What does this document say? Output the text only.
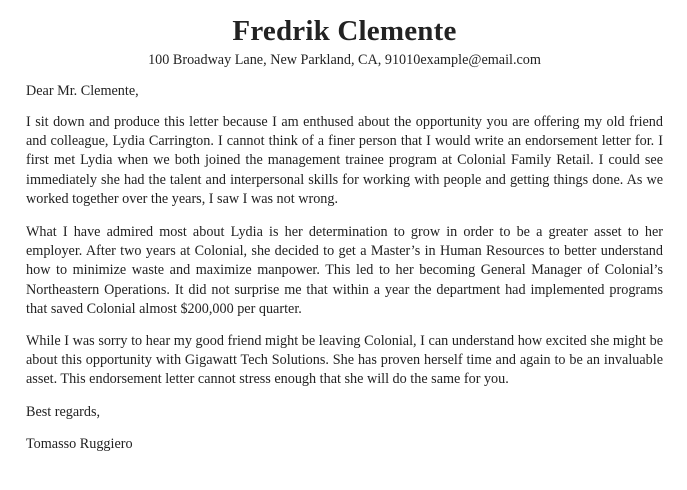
Fredrik Clemente
100 Broadway Lane, New Parkland, CA, 91010example@email.com
Dear Mr. Clemente,

I sit down and produce this letter because I am enthused about the opportunity you are offering my old friend and colleague, Lydia Carrington. I cannot think of a finer person that I would write an endorsement letter for. I first met Lydia when we both joined the management trainee program at Colonial Family Retail. I could see immediately she had the talent and interpersonal skills for working with people and getting things done. As we worked together over the years, I saw I was not wrong.

What I have admired most about Lydia is her determination to grow in order to be a greater asset to her employer. After two years at Colonial, she decided to get a Master’s in Human Resources to better understand how to minimize waste and maximize manpower. This led to her becoming General Manager of Colonial’s Northeastern Operations. It did not surprise me that within a year the department had implemented programs that saved Colonial almost $200,000 per quarter.

While I was sorry to hear my good friend might be leaving Colonial, I can understand how excited she might be about this opportunity with Gigawatt Tech Solutions. She has proven herself time and again to be an invaluable asset. This endorsement letter cannot stress enough that she will do the same for you.

Best regards,
Tomasso Ruggiero
